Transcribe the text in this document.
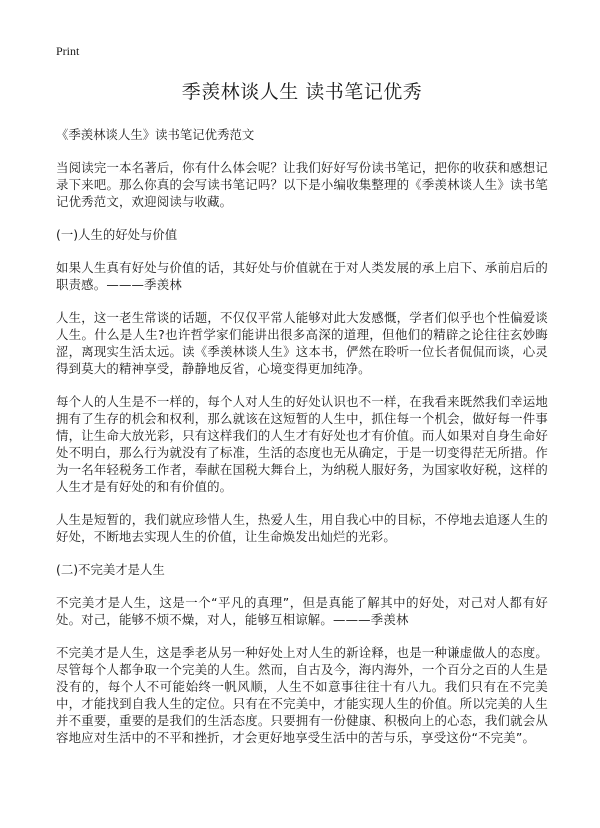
Print
季羡林谈人生 读书笔记优秀

《季羡林谈人生》读书笔记优秀范文

当阅读完一本名著后，你有什么体会呢？让我们好好写份读书笔记，把你的收获和感想记录下来吧。那么你真的会写读书笔记吗？以下是小编收集整理的《季羡林谈人生》读书笔记优秀范文，欢迎阅读与收藏。

(一)人生的好处与价值

如果人生真有好处与价值的话，其好处与价值就在于对人类发展的承上启下、承前启后的职责感。———季羡林

人生，这一老生常谈的话题，不仅仅平常人能够对此大发感慨，学者们似乎也个性偏爱谈人生。什么是人生?也许哲学家们能讲出很多高深的道理，但他们的精辟之论往往玄妙晦涩，离现实生活太远。读《季羡林谈人生》这本书，俨然在聆听一位长者侃侃而谈，心灵得到莫大的精神享受，静静地反省，心境变得更加纯净。

每个人的人生是不一样的，每个人对人生的好处认识也不一样，在我看来既然我们幸运地拥有了生存的机会和权利，那么就该在这短暂的人生中，抓住每一个机会，做好每一件事情，让生命大放光彩，只有这样我们的人生才有好处也才有价值。而人如果对自身生命好处不明白，那么行为就没有了标准，生活的态度也无从确定，于是一切变得茫无所措。作为一名年轻税务工作者，奉献在国税大舞台上，为纳税人服好务，为国家收好税，这样的人生才是有好处的和有价值的。

人生是短暂的，我们就应珍惜人生，热爱人生，用自我心中的目标，不停地去追逐人生的好处，不断地去实现人生的价值，让生命焕发出灿烂的光彩。

(二)不完美才是人生

不完美才是人生，这是一个“平凡的真理”，但是真能了解其中的好处，对己对人都有好处。对己，能够不烦不燥，对人，能够互相谅解。———季羡林

不完美才是人生，这是季老从另一种好处上对人生的新诠释，也是一种谦虚做人的态度。尽管每个人都争取一个完美的人生。然而，自古及今，海内海外，一个百分之百的人生是没有的，每个人不可能始终一帆风顺，人生不如意事往往十有八九。我们只有在不完美中，才能找到自我人生的定位。只有在不完美中，才能实现人生的价值。所以完美的人生并不重要，重要的是我们的生活态度。只要拥有一份健康、积极向上的心态，我们就会从容地应对生活中的不平和挫折，才会更好地享受生活中的苦与乐，享受这份“不完美”。
